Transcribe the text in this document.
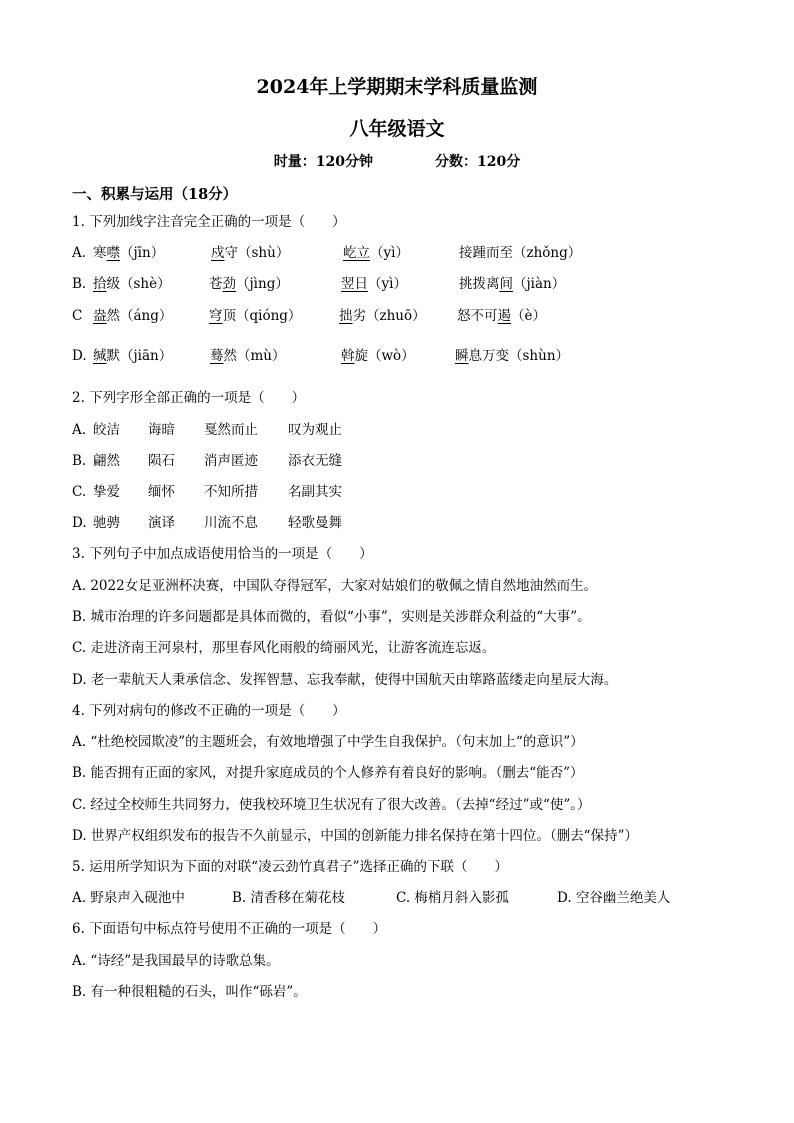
2024年上学期期末学科质量监测
八年级语文
时量：120分钟	分数：120分
一、积累与运用（18分）
1. 下列加线字注音完全正确的一项是（　　）
A. 寒噤（jīn）	戍守（shù）	屹立（yì）	接踵而至（zhǒng）
B. 拾级（shè）	苍劲（jìng）	翌日（yì）	挑拨离间（jiàn）
C 盎然（áng）	穹顶（qióng）	拙劣（zhuō） 怒不可遏（è）
D. 缄默（jiān）	蓦然（mù）	斡旋（wò）	瞬息万变（shùn）
2. 下列字形全部正确的一项是（　　）
A. 皎洁 诲暗 戛然而止 叹为观止
B. 翩然 陨石 消声匿迹 添衣无缝
C. 挚爱 缅怀 不知所措 名副其实
D. 驰骋 演译 川流不息 轻歌曼舞
3. 下列句子中加点成语使用恰当的一项是（　　）
A. 2022女足亚洲杯决赛，中国队夺得冠军，大家对姑娘们的敬佩之情自然地油然而生。
B. 城市治理的许多问题都是具体而微的，看似“小事”，实则是关涉群众利益的“大事”。
C. 走进济南王河泉村，那里春风化雨般的绮丽风光，让游客流连忘返。
D. 老一辈航天人秉承信念、发挥智慧、忘我奉献，使得中国航天由筚路蓝缕走向星辰大海。
4. 下列对病句的修改不正确的一项是（　　）
A. “杜绝校园欺凌”的主题班会，有效地增强了中学生自我保护。（句末加上“的意识”）
B. 能否拥有正面的家风，对提升家庭成员的个人修养有着良好的影响。（删去“能否”）
C. 经过全校师生共同努力，使我校环境卫生状况有了很大改善。（去掉“经过”或“使”。）
D. 世界产权组织发布的报告不久前显示，中国的创新能力排名保持在第十四位。（删去“保持”）
5. 运用所学知识为下面的对联“凌云劲竹真君子”选择正确的下联（　　）
A. 野泉声入砚池中	B. 清香移在菊花枝	C. 梅梢月斜入影孤	D. 空谷幽兰绝美人
6. 下面语句中标点符号使用不正确的一项是（　　）
A. “诗经”是我国最早的诗歌总集。
B. 有一种很粗糙的石头，叫作“砾岩”。
